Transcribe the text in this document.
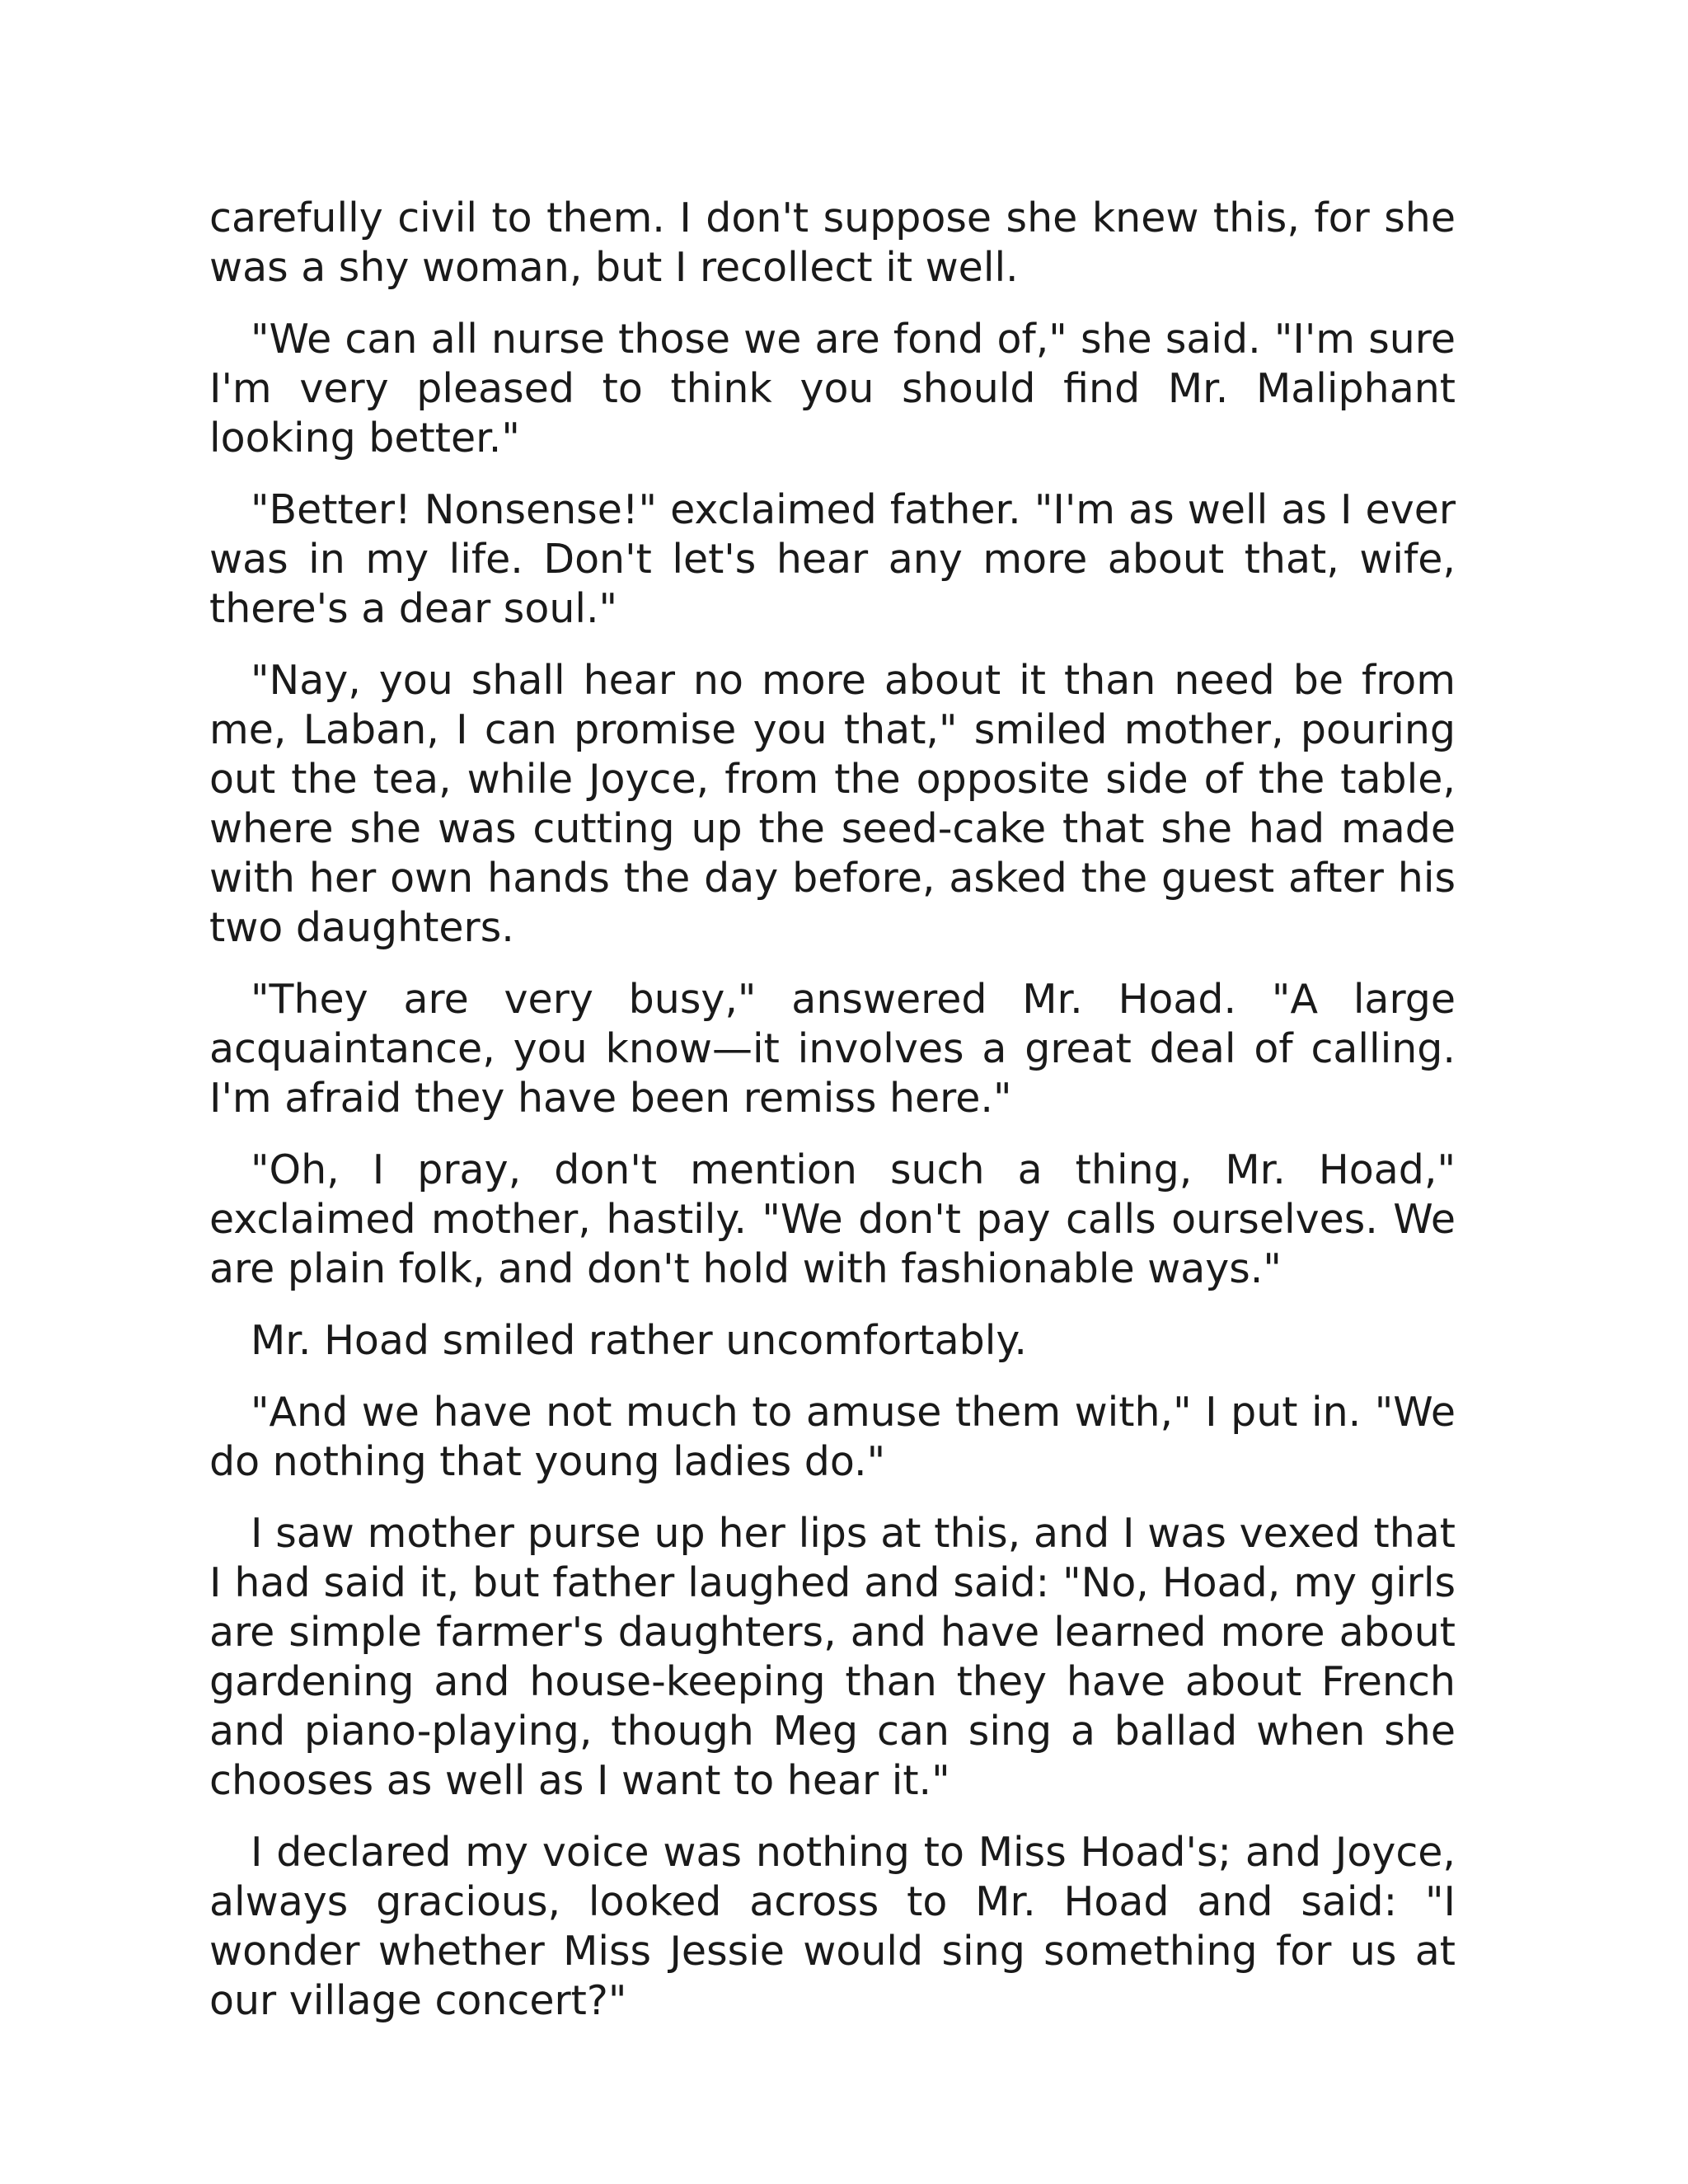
carefully civil to them. I don't suppose she knew this, for she was a shy woman, but I recollect it well.

"We can all nurse those we are fond of," she said. "I'm sure I'm very pleased to think you should find Mr. Maliphant looking better."

"Better! Nonsense!" exclaimed father. "I'm as well as I ever was in my life. Don't let's hear any more about that, wife, there's a dear soul."

"Nay, you shall hear no more about it than need be from me, Laban, I can promise you that," smiled mother, pouring out the tea, while Joyce, from the opposite side of the table, where she was cutting up the seed-cake that she had made with her own hands the day before, asked the guest after his two daughters.

"They are very busy," answered Mr. Hoad. "A large acquaintance, you know—it involves a great deal of calling. I'm afraid they have been remiss here."

"Oh, I pray, don't mention such a thing, Mr. Hoad," exclaimed mother, hastily. "We don't pay calls ourselves. We are plain folk, and don't hold with fashionable ways."

Mr. Hoad smiled rather uncomfortably.

"And we have not much to amuse them with," I put in. "We do nothing that young ladies do."

I saw mother purse up her lips at this, and I was vexed that I had said it, but father laughed and said: "No, Hoad, my girls are simple farmer's daughters, and have learned more about gardening and house-keeping than they have about French and piano-playing, though Meg can sing a ballad when she chooses as well as I want to hear it."

I declared my voice was nothing to Miss Hoad's; and Joyce, always gracious, looked across to Mr. Hoad and said: "I wonder whether Miss Jessie would sing something for us at our village concert?"
